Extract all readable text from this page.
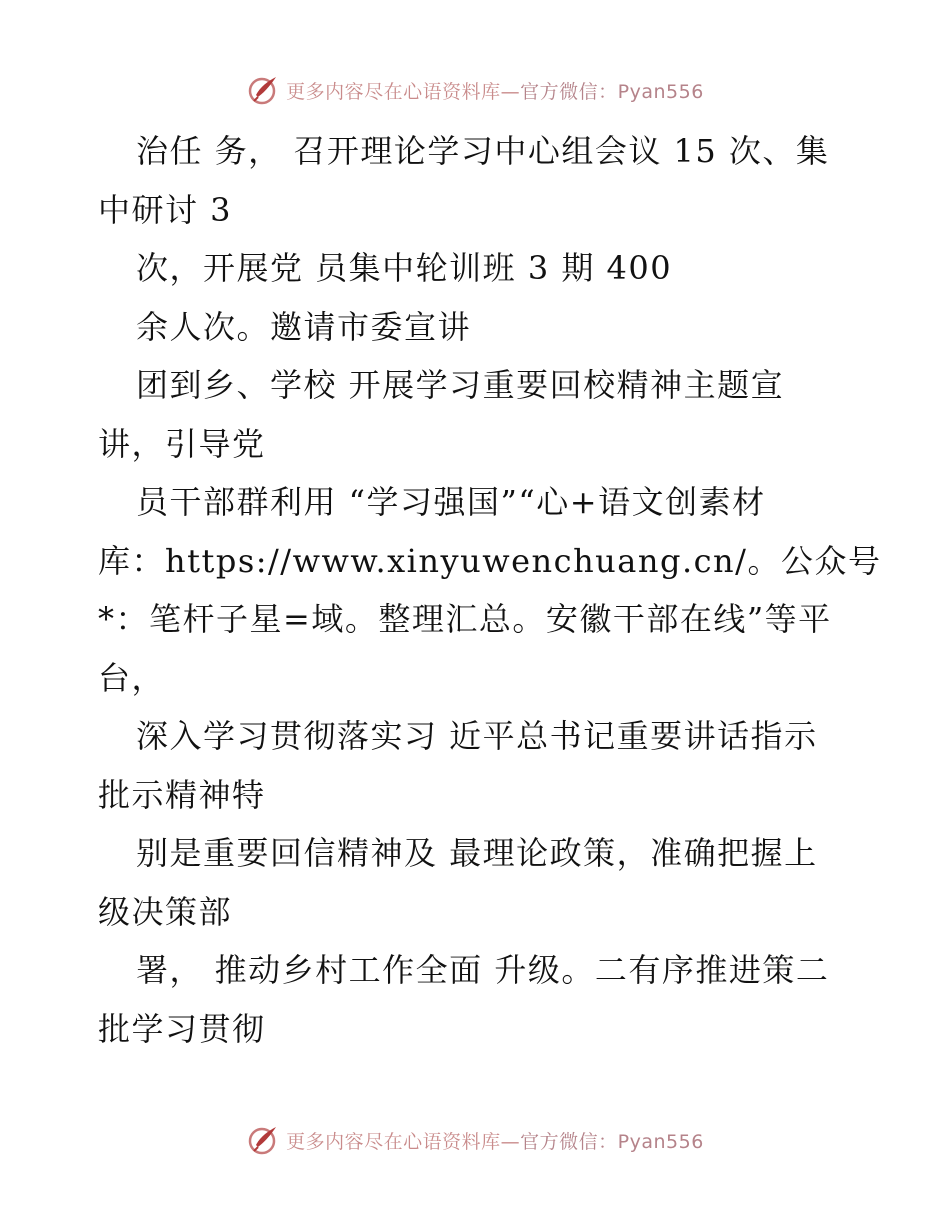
更多内容尽在心语资料库—官方微信：Pyan556
治任 务， 召开理论学习中心组会议 15 次、集
中研讨 3
次，开展党 员集中轮训班 3 期 400
余人次。邀请市委宣讲
团到乡、学校 开展学习重要回校精神主题宣
讲，引导党
员干部群利用 “学习强国”“心+语文创素材
库：https://www.xinyuwenchuang.cn/。公众号
*：笔杆子星=域。整理汇总。安徽干部在线”等平
台，
深入学习贯彻落实习 近平总书记重要讲话指示
批示精神特
别是重要回信精神及 最理论政策，准确把握上
级决策部
署， 推动乡村工作全面 升级。二有序推进策二
批学习贯彻
更多内容尽在心语资料库—官方微信：Pyan556
